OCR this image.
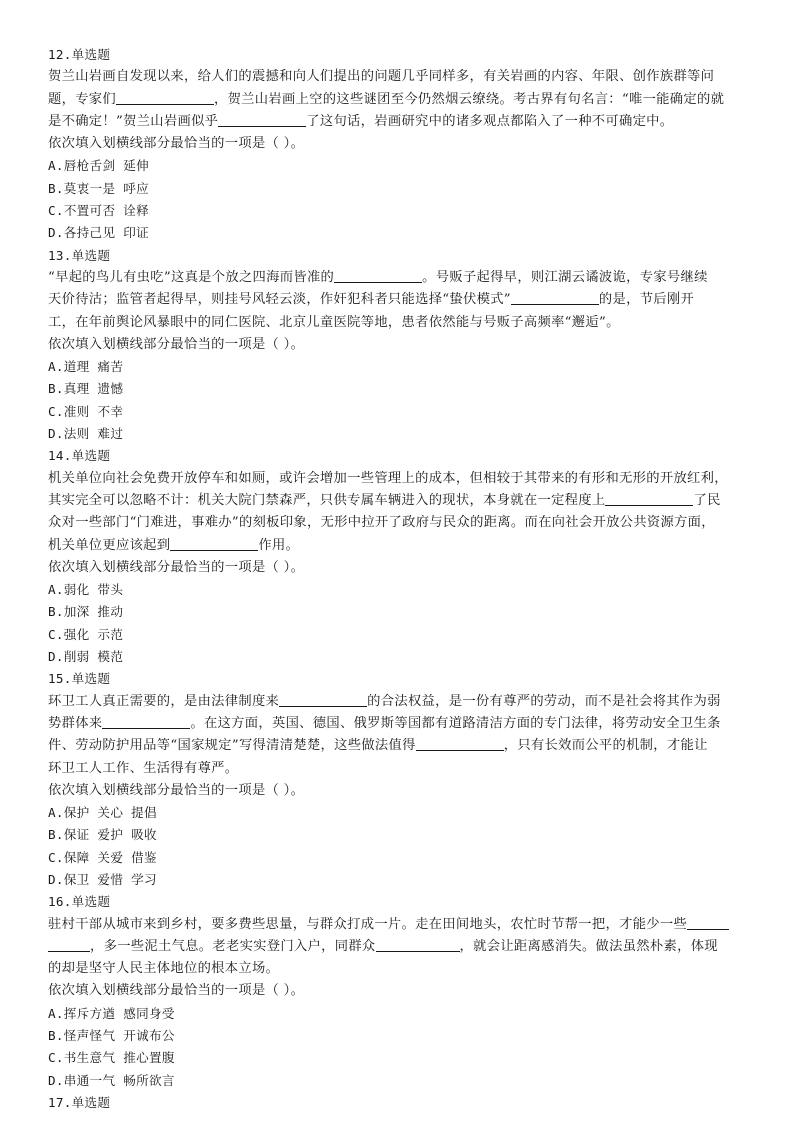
12.单选题
贺兰山岩画自发现以来，给人们的震撼和向人们提出的问题几乎同样多，有关岩画的内容、年限、创作族群等问
题，专家们	，贺兰山岩画上空的这些谜团至今仍然烟云缭绕。考古界有句名言：“唯一能确定的就
是不确定！”贺兰山岩画似乎	了这句话，岩画研究中的诸多观点都陷入了一种不可确定中。
依次填入划横线部分最恰当的一项是（ ）。
A.唇枪舌剑 延伸
B.莫衷一是 呼应
C.不置可否 诠释
D.各持己见 印证
13.单选题
“早起的鸟儿有虫吃”这真是个放之四海而皆准的	。号贩子起得早，则江湖云谲波诡，专家号继续
天价待沽；监管者起得早，则挂号风轻云淡，作奸犯科者只能选择“蛰伏模式”	的是，节后刚开
工，在年前舆论风暴眼中的同仁医院、北京儿童医院等地，患者依然能与号贩子高频率“邂逅”。
依次填入划横线部分最恰当的一项是（ ）。
A.道理 痛苦
B.真理 遗憾
C.准则 不幸
D.法则 难过
14.单选题
机关单位向社会免费开放停车和如厕，或许会增加一些管理上的成本，但相较于其带来的有形和无形的开放红利，
其实完全可以忽略不计：机关大院门禁森严，只供专属车辆进入的现状，本身就在一定程度上	了民
众对一些部门“门难进，事难办”的刻板印象，无形中拉开了政府与民众的距离。而在向社会开放公共资源方面，
机关单位更应该起到	作用。
依次填入划横线部分最恰当的一项是（ ）。
A.弱化 带头
B.加深 推动
C.强化 示范
D.削弱 模范
15.单选题
环卫工人真正需要的，是由法律制度来	的合法权益，是一份有尊严的劳动，而不是社会将其作为弱
势群体来	。在这方面，英国、德国、俄罗斯等国都有道路清洁方面的专门法律，将劳动安全卫生条
件、劳动防护用品等“国家规定”写得清清楚楚，这些做法值得	，只有长效而公平的机制，才能让
环卫工人工作、生活得有尊严。
依次填入划横线部分最恰当的一项是（ ）。
A.保护 关心 提倡
B.保证 爱护 吸收
C.保障 关爱 借鉴
D.保卫 爱惜 学习
16.单选题
驻村干部从城市来到乡村，要多费些思量，与群众打成一片。走在田间地头，农忙时节帮一把，才能少一些
，多一些泥土气息。老老实实登门入户，同群众	，就会让距离感消失。做法虽然朴素，体现
的却是坚守人民主体地位的根本立场。
依次填入划横线部分最恰当的一项是（ ）。
A.挥斥方遒 感同身受
B.怪声怪气 开诚布公
C.书生意气 推心置腹
D.串通一气 畅所欲言
17.单选题
